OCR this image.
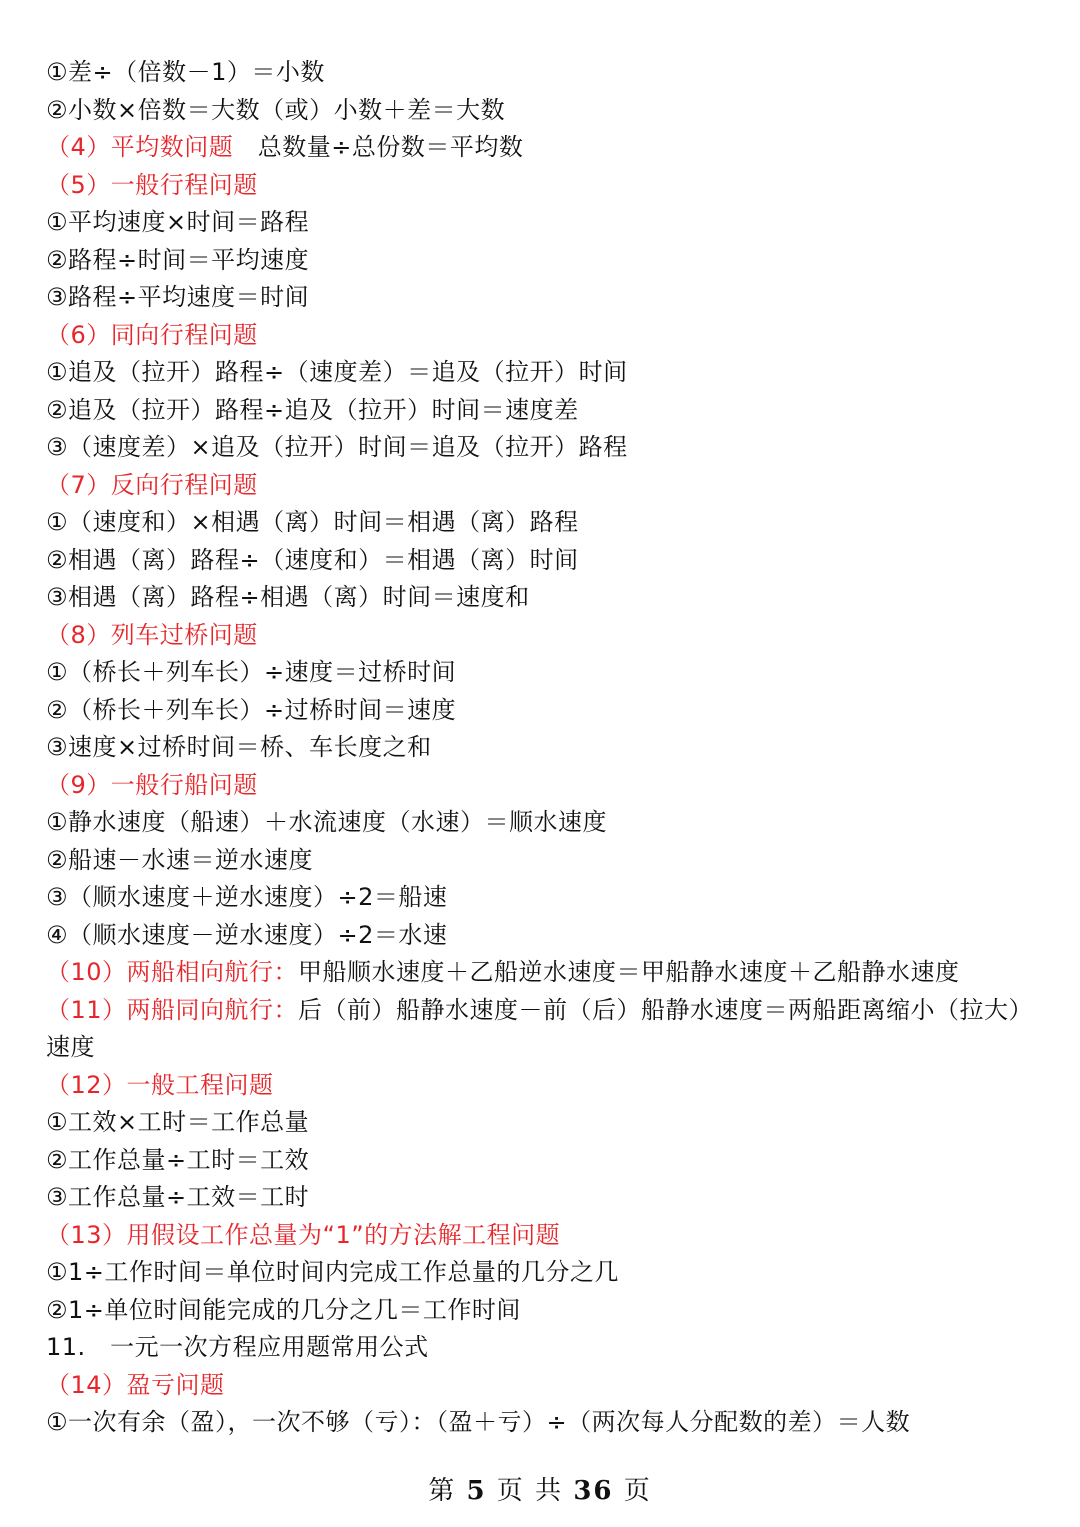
①差÷（倍数－1）＝小数
②小数×倍数＝大数（或）小数＋差＝大数
（4）平均数问题　总数量÷总份数＝平均数
（5）一般行程问题
①平均速度×时间＝路程
②路程÷时间＝平均速度
③路程÷平均速度＝时间
（6）同向行程问题
①追及（拉开）路程÷（速度差）＝追及（拉开）时间
②追及（拉开）路程÷追及（拉开）时间＝速度差
③（速度差）×追及（拉开）时间＝追及（拉开）路程
（7）反向行程问题
①（速度和）×相遇（离）时间＝相遇（离）路程
②相遇（离）路程÷（速度和）＝相遇（离）时间
③相遇（离）路程÷相遇（离）时间＝速度和
（8）列车过桥问题
①（桥长＋列车长）÷速度＝过桥时间
②（桥长＋列车长）÷过桥时间＝速度
③速度×过桥时间＝桥、车长度之和
（9）一般行船问题
①静水速度（船速）＋水流速度（水速）＝顺水速度
②船速－水速＝逆水速度
③（顺水速度＋逆水速度）÷2＝船速
④（顺水速度－逆水速度）÷2＝水速
（10）两船相向航行：甲船顺水速度＋乙船逆水速度＝甲船静水速度＋乙船静水速度
（11）两船同向航行：后（前）船静水速度－前（后）船静水速度＝两船距离缩小（拉大）速度
（12）一般工程问题
①工效×工时＝工作总量
②工作总量÷工时＝工效
③工作总量÷工效＝工时
（13）用假设工作总量为“1”的方法解工程问题
①1÷工作时间＝单位时间内完成工作总量的几分之几
②1÷单位时间能完成的几分之几＝工作时间
11.　一元一次方程应用题常用公式
（14）盈亏问题
①一次有余（盈），一次不够（亏）：（盈＋亏）÷（两次每人分配数的差）＝人数
第 5 页 共 36 页
